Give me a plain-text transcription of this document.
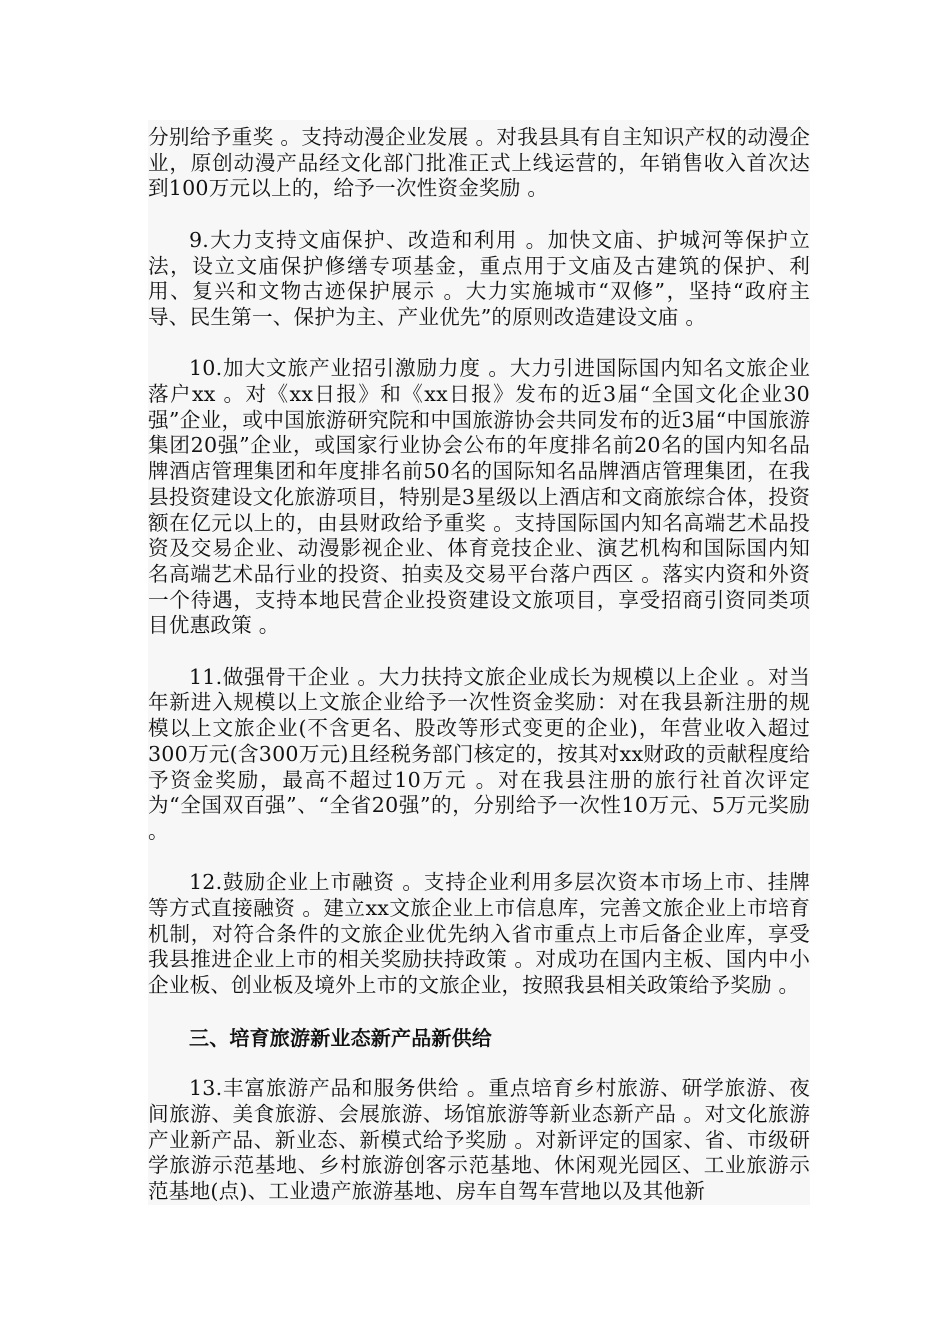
分别给予重奖 。支持动漫企业发展 。对我县具有自主知识产权的动漫企业，原创动漫产品经文化部门批准正式上线运营的，年销售收入首次达到100万元以上的，给予一次性资金奖励 。

9.大力支持文庙保护、改造和利用 。加快文庙、护城河等保护立法，设立文庙保护修缮专项基金，重点用于文庙及古建筑的保护、利用、复兴和文物古迹保护展示 。大力实施城市“双修”，坚持“政府主导、民生第一、保护为主、产业优先”的原则改造建设文庙 。

10.加大文旅产业招引激励力度 。大力引进国际国内知名文旅企业落户xx 。对《xx日报》和《xx日报》发布的近3届“全国文化企业30强”企业，或中国旅游研究院和中国旅游协会共同发布的近3届“中国旅游集团20强”企业，或国家行业协会公布的年度排名前20名的国内知名品牌酒店管理集团和年度排名前50名的国际知名品牌酒店管理集团，在我县投资建设文化旅游项目，特别是3星级以上酒店和文商旅综合体，投资额在亿元以上的，由县财政给予重奖 。支持国际国内知名高端艺术品投资及交易企业、动漫影视企业、体育竞技企业、演艺机构和国际国内知名高端艺术品行业的投资、拍卖及交易平台落户西区 。落实内资和外资一个待遇，支持本地民营企业投资建设文旅项目，享受招商引资同类项目优惠政策 。

11.做强骨干企业 。大力扶持文旅企业成长为规模以上企业 。对当年新进入规模以上文旅企业给予一次性资金奖励：对在我县新注册的规模以上文旅企业(不含更名、股改等形式变更的企业)，年营业收入超过300万元(含300万元)且经税务部门核定的，按其对xx财政的贡献程度给予资金奖励，最高不超过10万元 。对在我县注册的旅行社首次评定为“全国双百强”、“全省20强”的，分别给予一次性10万元、5万元奖励 。

12.鼓励企业上市融资 。支持企业利用多层次资本市场上市、挂牌等方式直接融资 。建立xx文旅企业上市信息库，完善文旅企业上市培育机制，对符合条件的文旅企业优先纳入省市重点上市后备企业库，享受我县推进企业上市的相关奖励扶持政策 。对成功在国内主板、国内中小企业板、创业板及境外上市的文旅企业，按照我县相关政策给予奖励 。

三、培育旅游新业态新产品新供给

13.丰富旅游产品和服务供给 。重点培育乡村旅游、研学旅游、夜间旅游、美食旅游、会展旅游、场馆旅游等新业态新产品 。对文化旅游产业新产品、新业态、新模式给予奖励 。对新评定的国家、省、市级研学旅游示范基地、乡村旅游创客示范基地、休闲观光园区、工业旅游示范基地(点)、工业遗产旅游基地、房车自驾车营地以及其他新
